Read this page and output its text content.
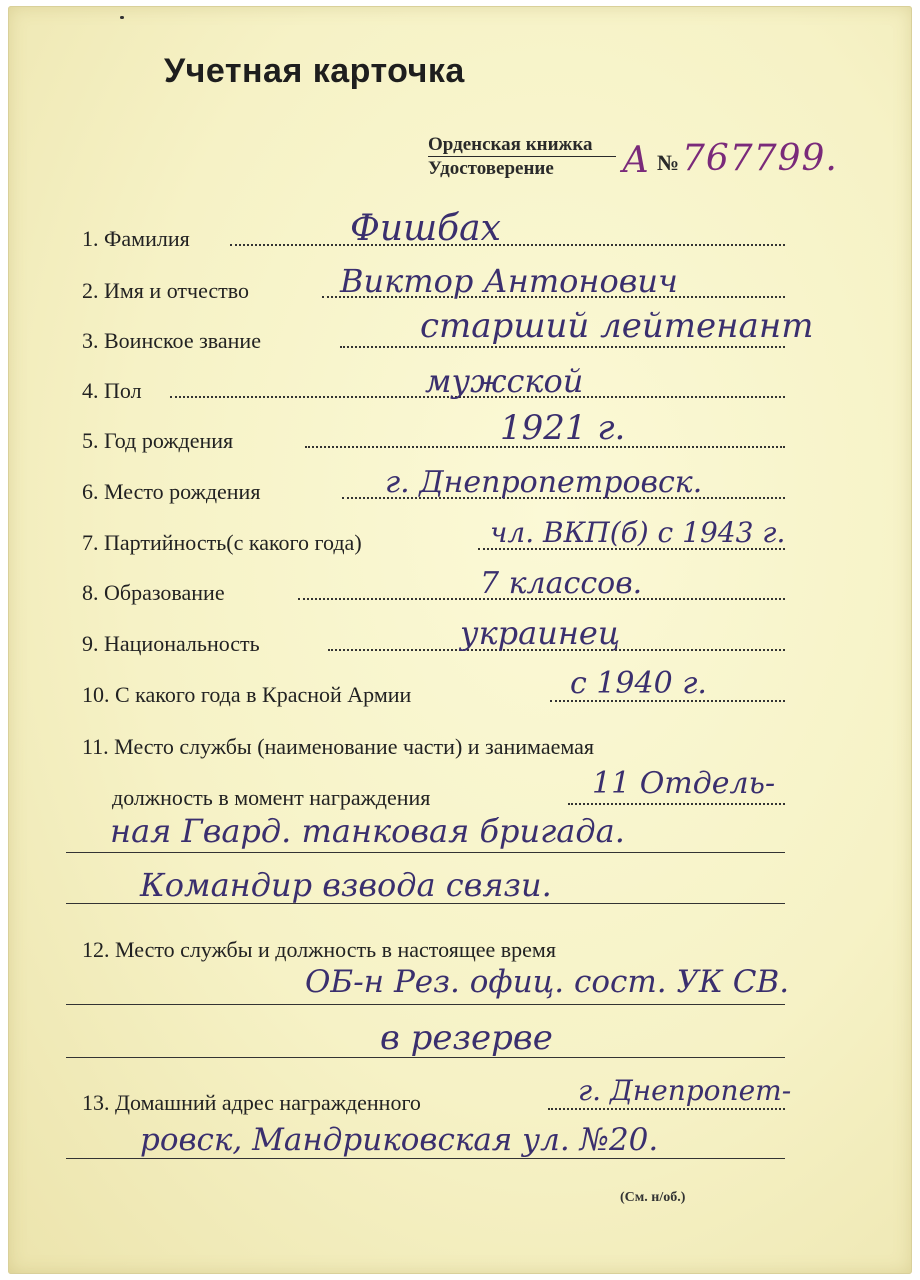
Учетная карточка
Орденская книжка
Удостоверение А № 767799.
1. Фамилия	Фишбах
2. Имя и отчество	Виктор Антонович
3. Воинское звание	старший лейтенант
4. Пол	мужской
5. Год рождения	1921 г.
6. Место рождения	г. Днепропетровск.
7. Партийность(с какого года)	чл. ВКП(б) с 1943 г.
8. Образование	7 классов.
9. Национальность	украинец
10. С какого года в Красной Армии	с 1940 г.
11. Место службы (наименование части) и занимаемая
должность в момент награждения	11 Отдель-
ная Гвард. танковая бригада.
Командир взвода связи.
12. Место службы и должность в настоящее время
ОБ-н Рез. офиц. сост. УК СВ.
в резерве
13. Домашний адрес награжденного	г. Днепропет-
ровск, Мандриковская ул. №20.
(См. н/об.)
